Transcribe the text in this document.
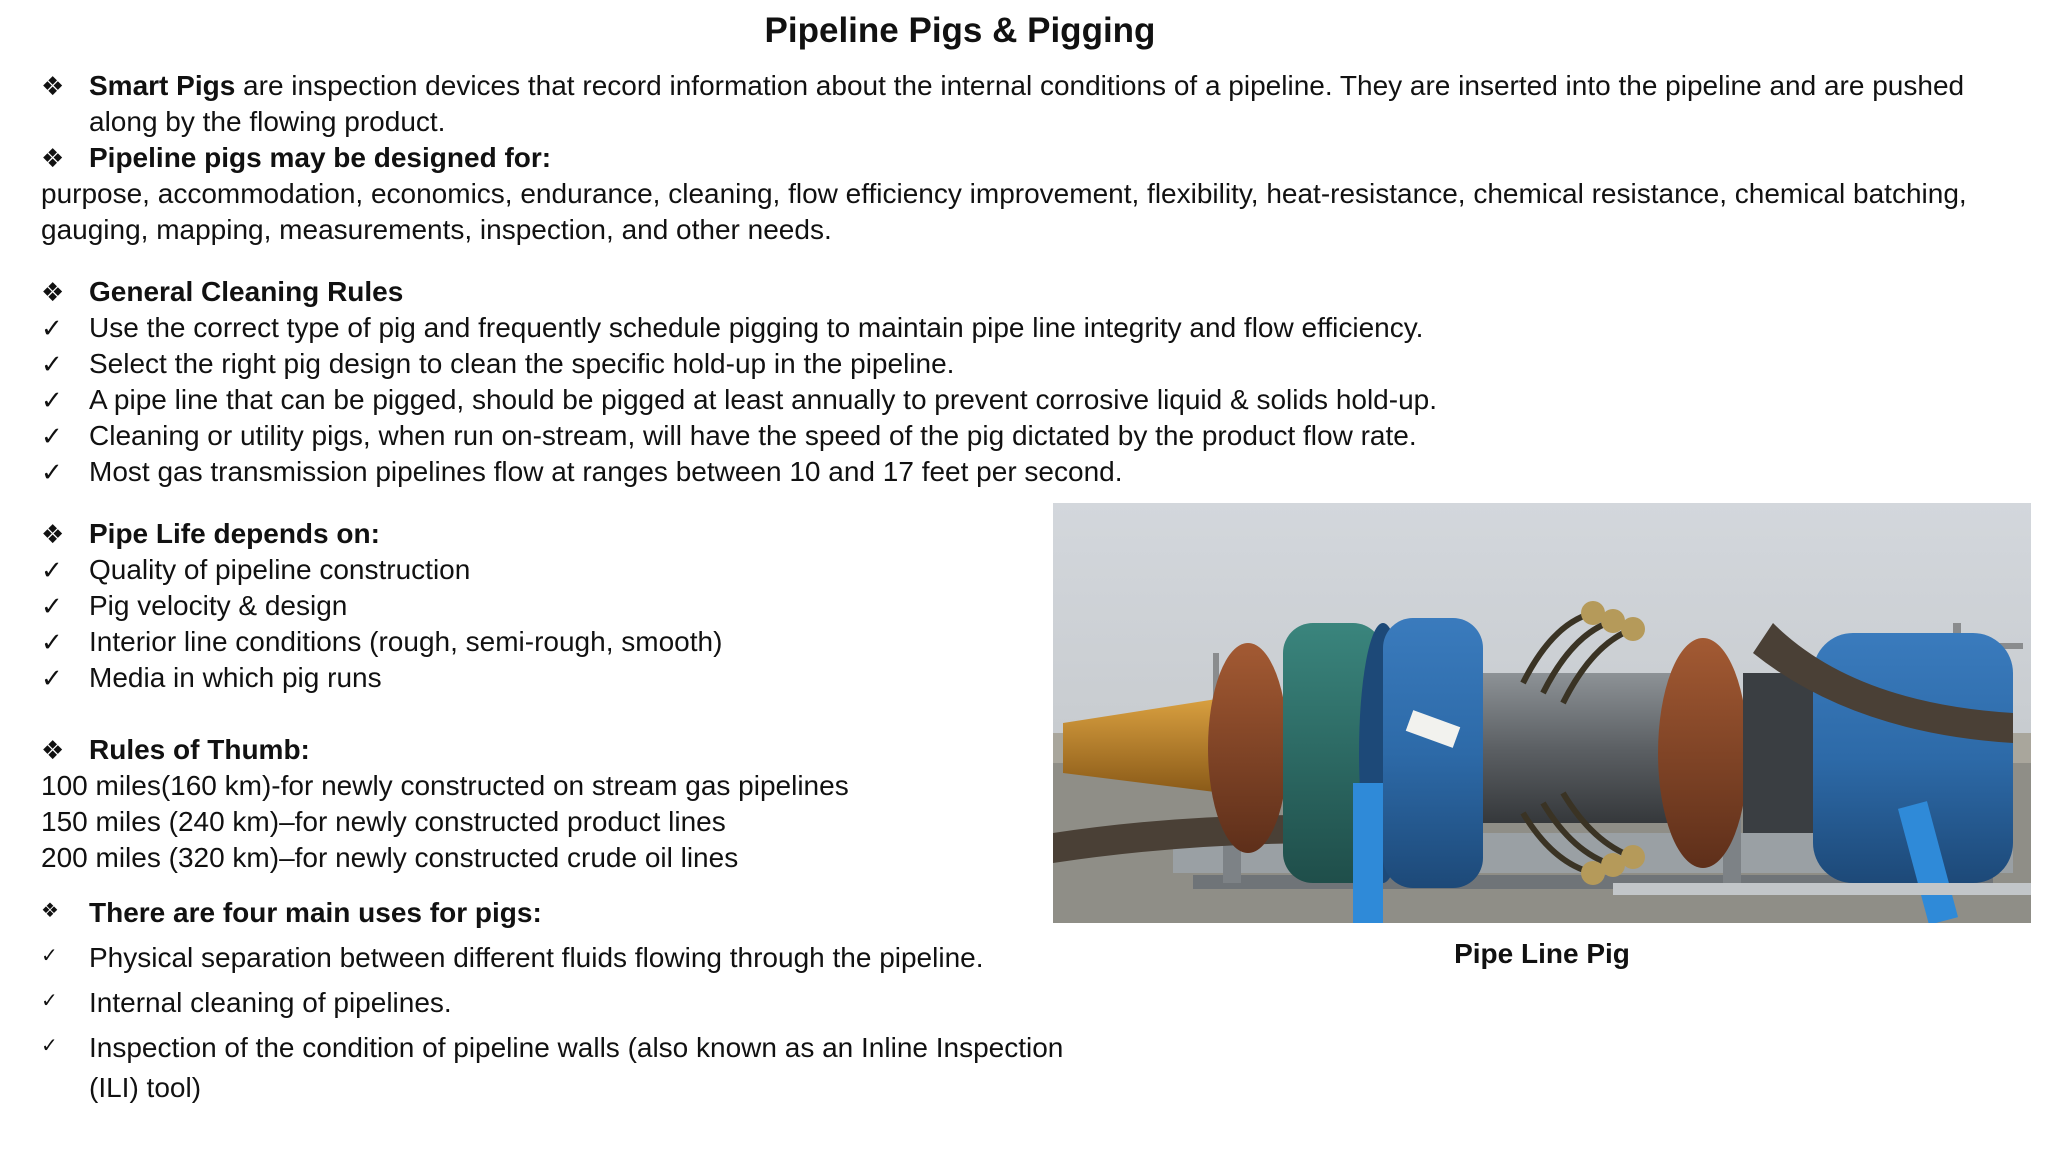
Pipeline Pigs & Pigging
❖ Smart Pigs are inspection devices that record information about the internal conditions of a pipeline. They are inserted into the pipeline and are pushed
along by the flowing product.
❖ Pipeline pigs may be designed for:
purpose, accommodation, economics, endurance, cleaning, flow efficiency improvement, flexibility, heat-resistance, chemical resistance, chemical batching,
gauging, mapping, measurements, inspection, and other needs.
❖ General Cleaning Rules
✓ Use the correct type of pig and frequently schedule pigging to maintain pipe line integrity and flow efficiency.
✓ Select the right pig design to clean the specific hold-up in the pipeline.
✓ A pipe line that can be pigged, should be pigged at least annually to prevent corrosive liquid & solids hold-up.
✓ Cleaning or utility pigs, when run on-stream, will have the speed of the pig dictated by the product flow rate.
✓ Most gas transmission pipelines flow at ranges between 10 and 17 feet per second.
❖ Pipe Life depends on:
✓ Quality of pipeline construction
✓ Pig velocity & design
✓ Interior line conditions (rough, semi-rough, smooth)
✓ Media in which pig runs
❖ Rules of Thumb:
100 miles(160 km)-for newly constructed on stream gas pipelines
150 miles (240 km)–for newly constructed product lines
200 miles (320 km)–for newly constructed crude oil lines
❖	There are four main uses for pigs:
✓	Physical separation between different fluids flowing through the pipeline.
✓	Internal cleaning of pipelines.
✓	Inspection of the condition of pipeline walls (also known as an Inline Inspection
(ILI) tool)
Pipe Line Pig
